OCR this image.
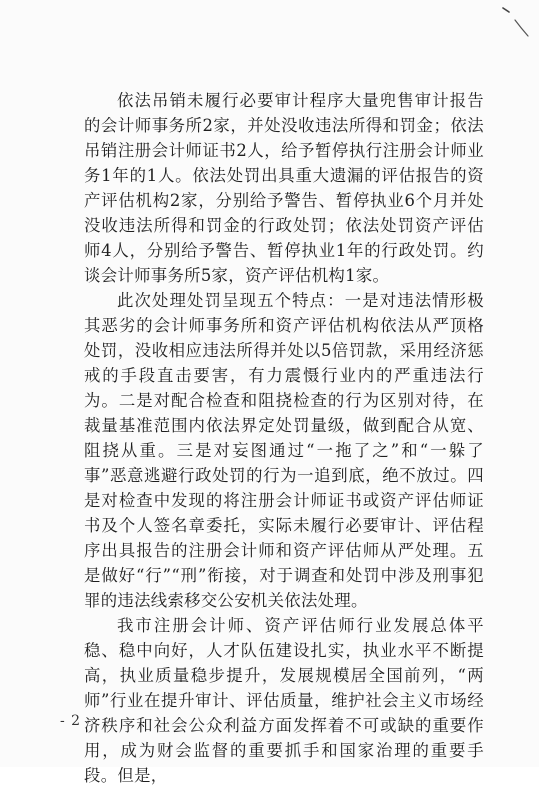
依法吊销未履行必要审计程序大量兜售审计报告的会计师事务所2家，并处没收违法所得和罚金；依法吊销注册会计师证书2人，给予暂停执行注册会计师业务1年的1人。依法处罚出具重大遗漏的评估报告的资产评估机构2家，分别给予警告、暂停执业6个月并处没收违法所得和罚金的行政处罚；依法处罚资产评估师4人，分别给予警告、暂停执业1年的行政处罚。约谈会计师事务所5家，资产评估机构1家。

此次处理处罚呈现五个特点：一是对违法情形极其恶劣的会计师事务所和资产评估机构依法从严顶格处罚，没收相应违法所得并处以5倍罚款，采用经济惩戒的手段直击要害，有力震慑行业内的严重违法行为。二是对配合检查和阻挠检查的行为区别对待，在裁量基准范围内依法界定处罚量级，做到配合从宽、阻挠从重。三是对妄图通过“一拖了之”和“一躲了事”恶意逃避行政处罚的行为一追到底，绝不放过。四是对检查中发现的将注册会计师证书或资产评估师证书及个人签名章委托，实际未履行必要审计、评估程序出具报告的注册会计师和资产评估师从严处理。五是做好“行”“刑”衔接，对于调查和处罚中涉及刑事犯罪的违法线索移交公安机关依法处理。

我市注册会计师、资产评估师行业发展总体平稳、稳中向好，人才队伍建设扎实，执业水平不断提高，执业质量稳步提升，发展规模居全国前列，“两师”行业在提升审计、评估质量，维护社会主义市场经济秩序和社会公众利益方面发挥着不可或缺的重要作用，成为财会监督的重要抓手和国家治理的重要手段。但是，

- 2 -
